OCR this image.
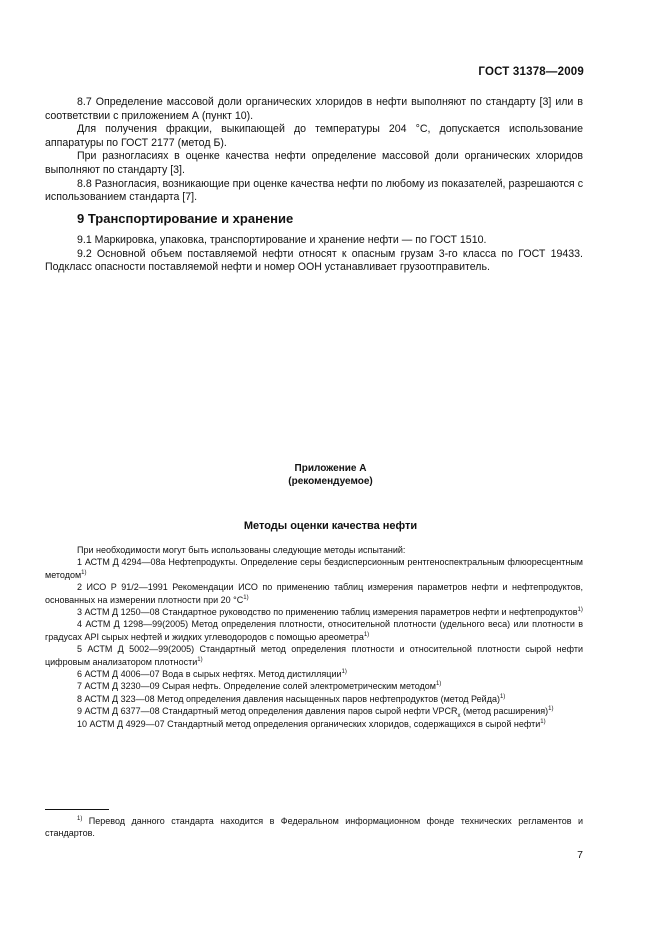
ГОСТ 31378—2009

8.7 Определение массовой доли органических хлоридов в нефти выполняют по стандарту [3] или в соответствии с приложением А (пункт 10).

Для получения фракции, выкипающей до температуры 204 °С, допускается использование аппаратуры по ГОСТ 2177 (метод Б).

При разногласиях в оценке качества нефти определение массовой доли органических хлоридов выполняют по стандарту [3].

8.8 Разногласия, возникающие при оценке качества нефти по любому из показателей, разрешаются с использованием стандарта [7].

9 Транспортирование и хранение

9.1 Маркировка, упаковка, транспортирование и хранение нефти — по ГОСТ 1510.

9.2 Основной объем поставляемой нефти относят к опасным грузам 3-го класса по ГОСТ 19433. Подкласс опасности поставляемой нефти и номер ООН устанавливает грузоотправитель.

Приложение А
(рекомендуемое)
Методы оценки качества нефти

При необходимости могут быть использованы следующие методы испытаний:

1 АСТМ Д 4294—08а Нефтепродукты. Определение серы бездисперсионным рентгеноспектральным флюоресцентным методом$^{1)}$

2 ИСО Р 91/2—1991 Рекомендации ИСО по применению таблиц измерения параметров нефти и нефтепродуктов, основанных на измерении плотности при 20 $^\circ С^{1)}$

3 АСТМ Д 1250—08 Стандартное руководство по применению таблиц измерения параметров нефти и нефтепродуктов$^{1)}$

4 АСТМ Д 1298—99(2005) Метод определения плотности, относительной плотности (удельного веса) или плотности в градусах API сырых нефтей и жидких углеводородов с помощью ареометра$^{1)}$

5 АСТМ Д 5002—99(2005) Стандартный метод определения плотности и относительной плотности сырой нефти цифровым анализатором плотности$^{1)}$

6 АСТМ Д 4006—07 Вода в сырых нефтях. Метод дистилляции$^{1)}$

7 АСТМ Д 3230—09 Сырая нефть. Определение солей электрометрическим методом$^{1)}$

8 АСТМ Д 323—08 Метод определения давления насыщенных паров нефтепродуктов (метод Рейда)$^{1)}$

9 АСТМ Д 6377—08 Стандартный метод определения давления паров сырой нефти $VPCR_x$ (метод расширения)$^{1)}$

10 АСТМ Д 4929—07 Стандартный метод определения органических хлоридов, содержащихся в сырой нефти$^{1)}$

$^{1)}$ Перевод данного стандарта находится в Федеральном информационном фонде технических регламентов и стандартов.

7
